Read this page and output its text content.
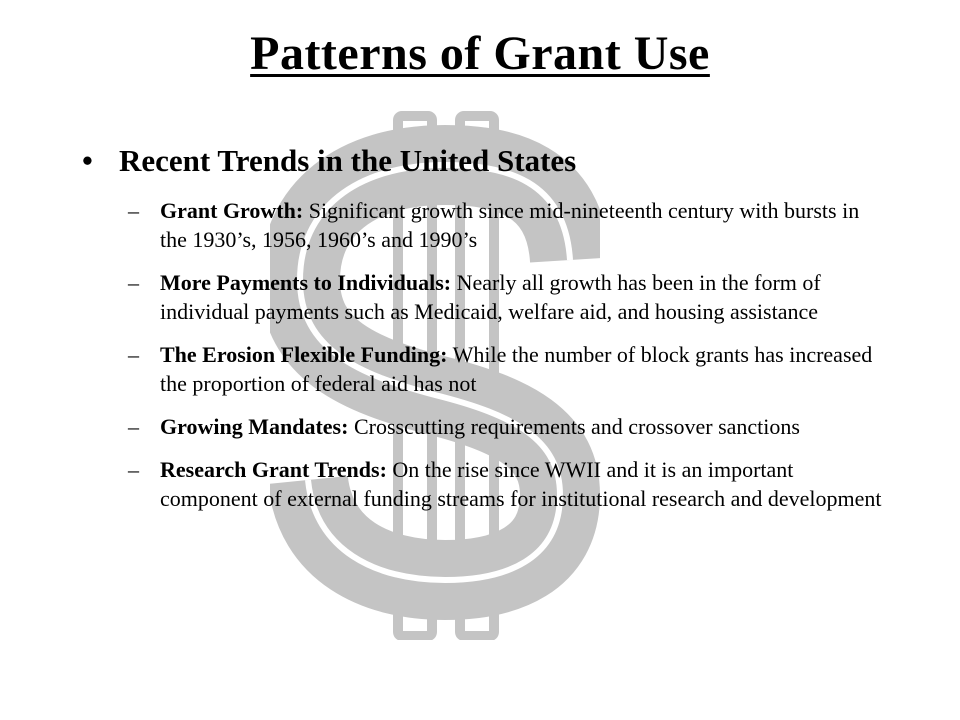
Patterns of Grant Use
• Recent Trends in the United States
– Grant Growth: Significant growth since mid-nineteenth century with bursts in the 1930’s, 1956, 1960’s and 1990’s
– More Payments to Individuals: Nearly all growth has been in the form of individual payments such as Medicaid, welfare aid, and housing assistance
– The Erosion Flexible Funding: While the number of block grants has increased the proportion of federal aid has not
– Growing Mandates: Crosscutting requirements and crossover sanctions
– Research Grant Trends: On the rise since WWII and it is an important component of external funding streams for institutional research and development
